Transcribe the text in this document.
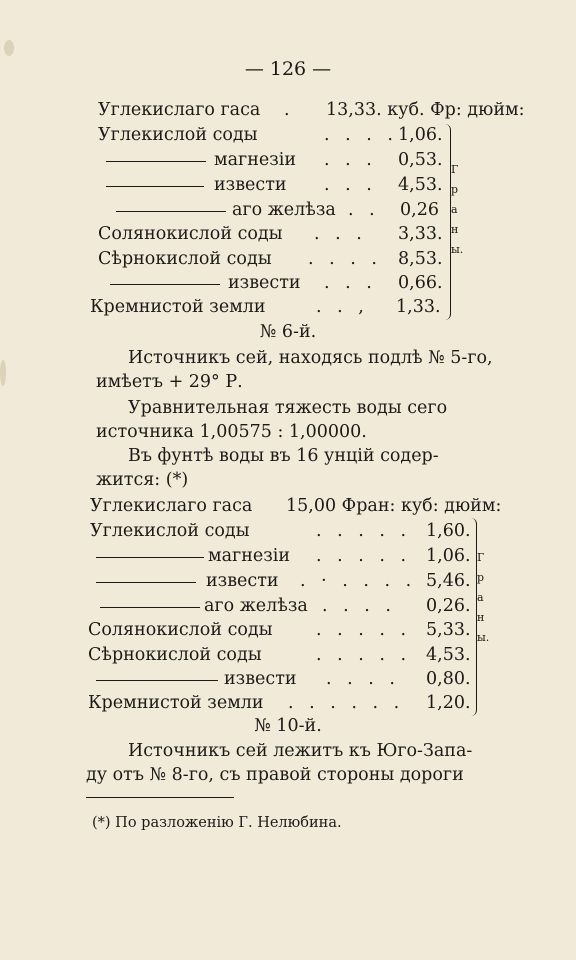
— 126 —
Углекислаго гаса . 13,33. куб. Фр: дюйм:
Углекислой соды	. . . . 1,06.
магнезiи . . . 0,53.
извести . . . 4,53.
аго желѣза . . 0,26
Солянокислой соды . . . 3,33.
Сѣрнокислой соды . . . . 8,53.
извести . . . 0,66.
Кремнистой земли	. . , 1,33.
Г р а н ы.
№ 6-й.
Источникъ сей, находясь подлѣ № 5-го,
имѣетъ + 29° Р.
Уравнительная тяжесть воды сего
источника 1,00575 : 1,00000.
Въ фунтѣ воды въ 16 унцiй содер-
жится: (*)
Углекислаго гаса 15,00 Фран: куб: дюйм:
Углекислой соды	. . . . . 1,60.
магнезiи . . . . . 1,06.
извести . · . . . . 5,46.
аго желѣза . . . . 0,26.
Солянокислой соды . . . . . 5,33.
Сѣрнокислой соды	. . . . . 4,53.
извести . . . . 0,80.
Кремнистой земли . . . . . . 1,20.
Г р а н ы.
№ 10-й.
Источникъ сей лежитъ къ Юго-Запа-
ду отъ № 8-го, съ правой стороны дороги
(*) По разложенiю Г. Нелюбина.
